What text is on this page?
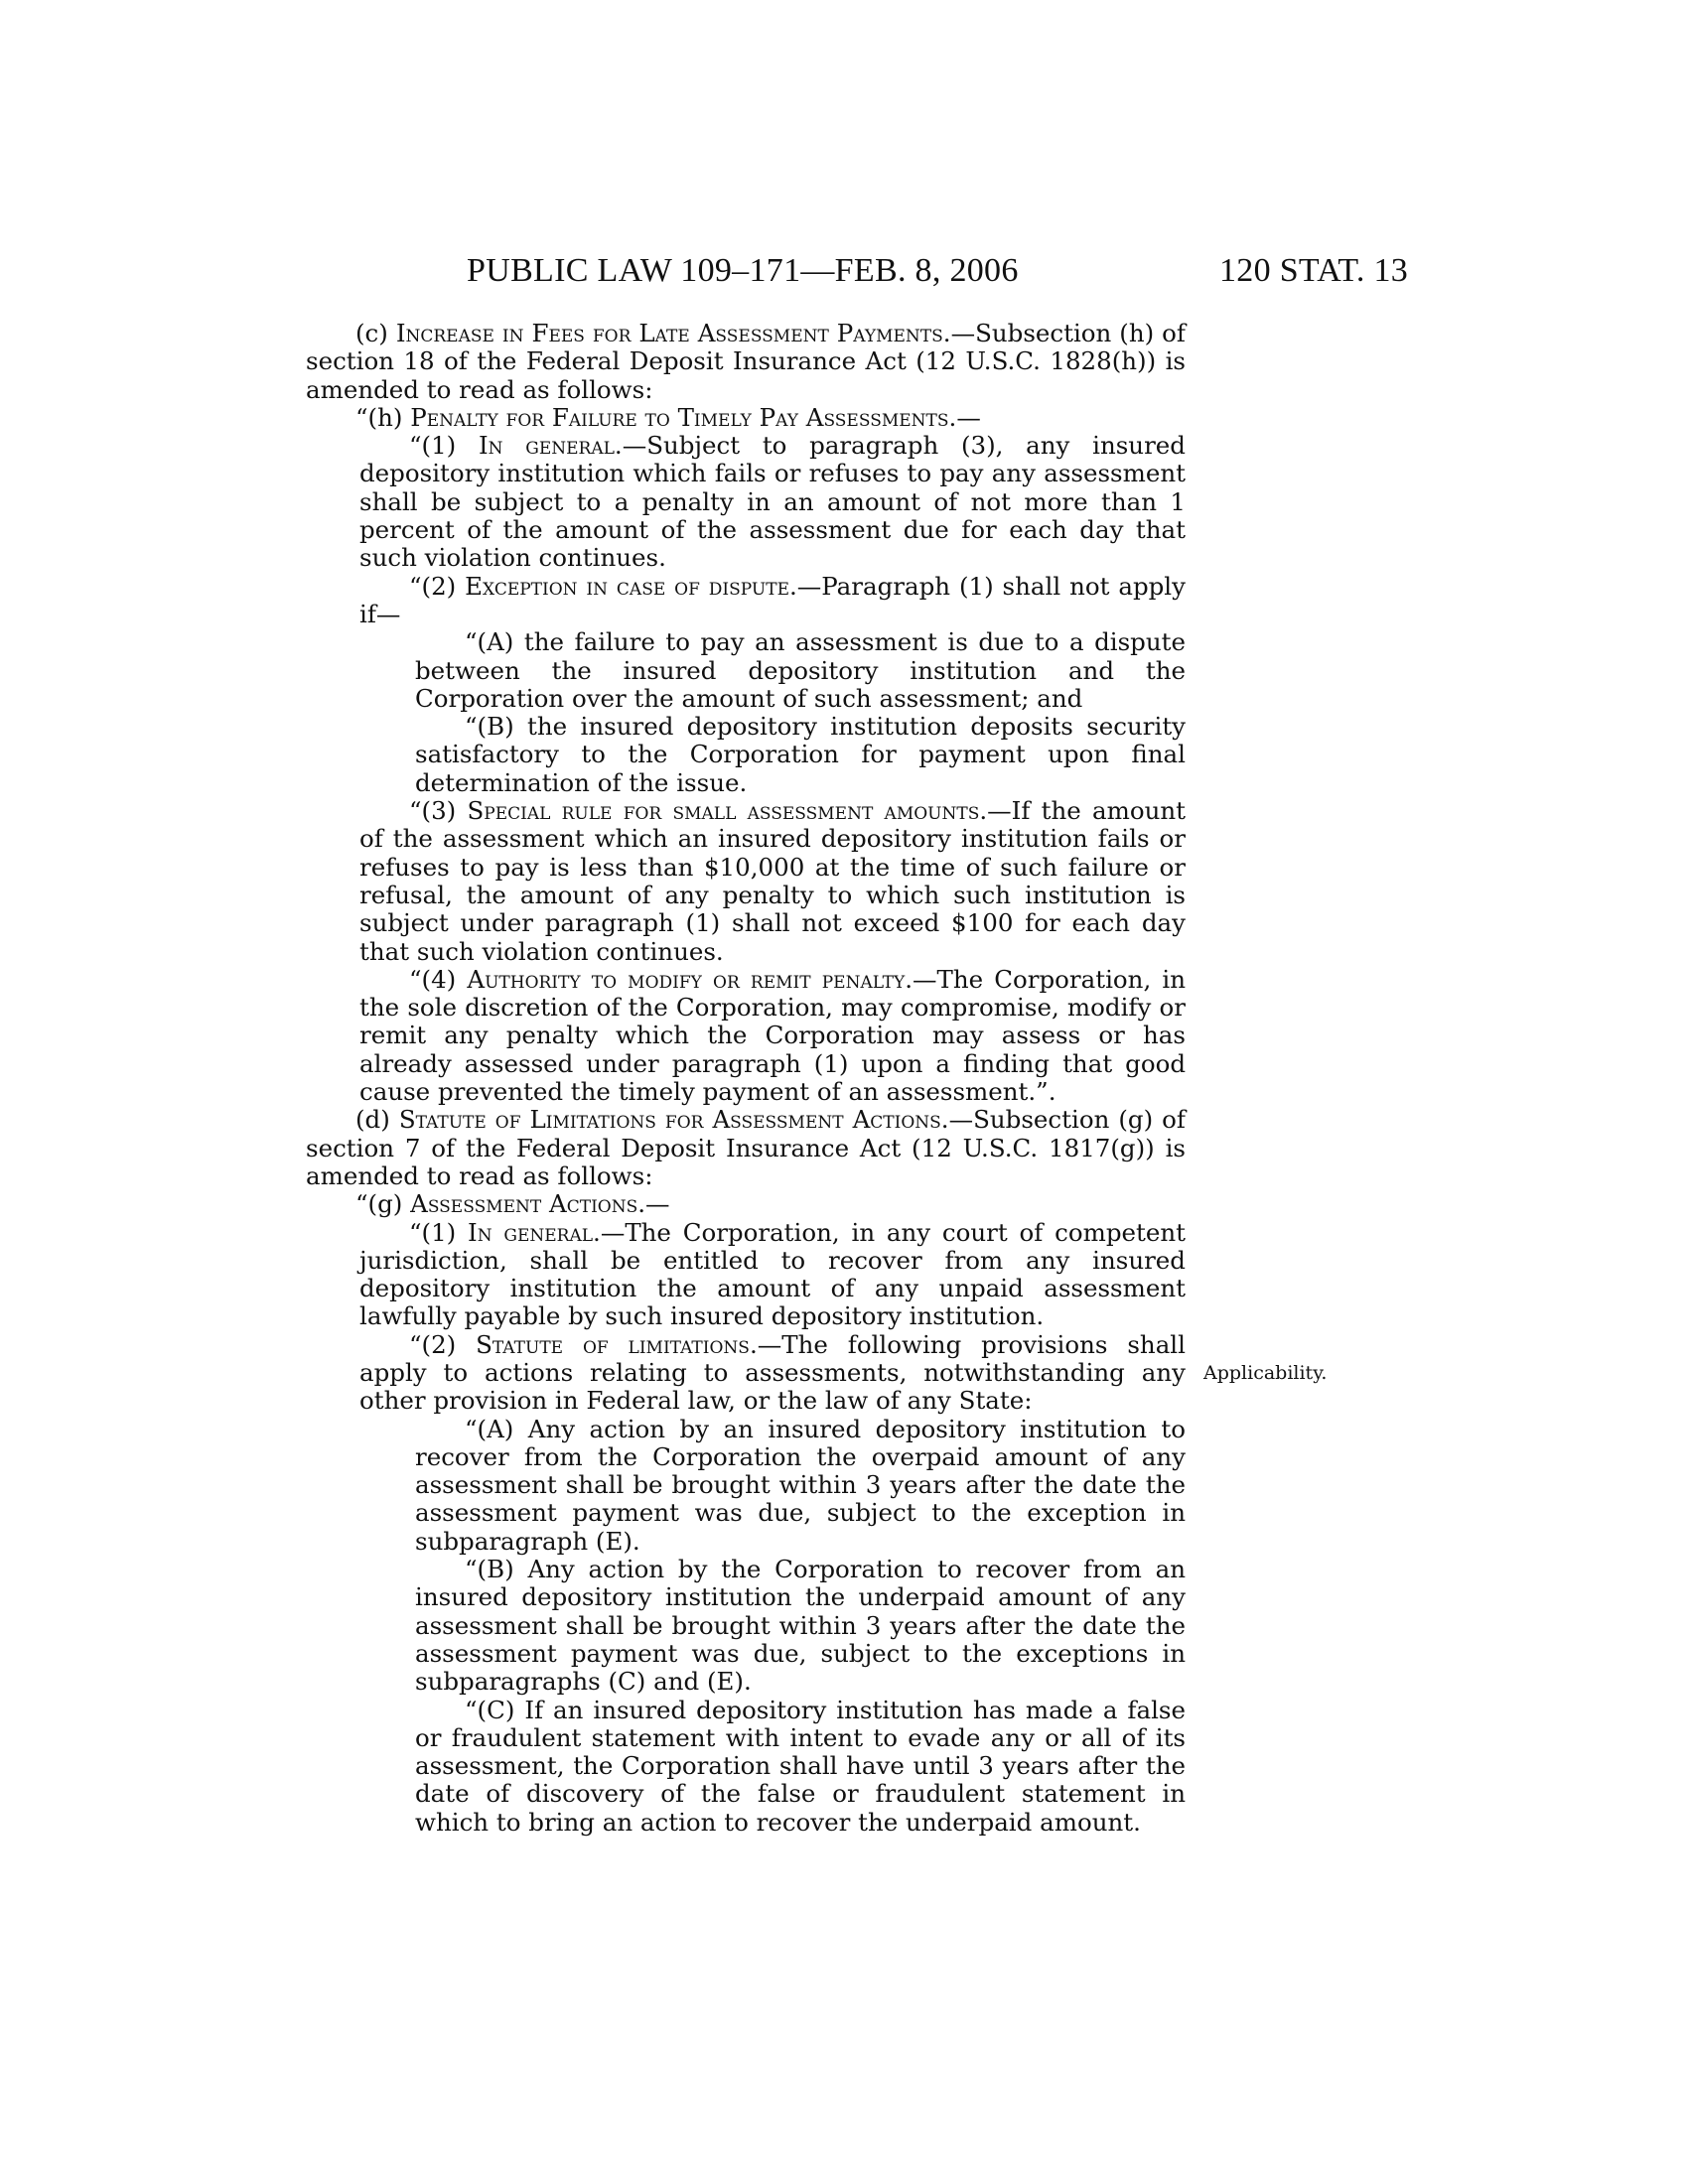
PUBLIC LAW 109–171—FEB. 8, 2006	120 STAT. 13
Applicability.

(c) Increase in Fees for Late Assessment Payments.—Subsection (h) of section 18 of the Federal Deposit Insurance Act (12 U.S.C. 1828(h)) is amended to read as follows:

“(h) Penalty for Failure to Timely Pay Assessments.—

“(1) In general.—Subject to paragraph (3), any insured depository institution which fails or refuses to pay any assessment shall be subject to a penalty in an amount of not more than 1 percent of the amount of the assessment due for each day that such violation continues.

“(2) Exception in case of dispute.—Paragraph (1) shall not apply if—

“(A) the failure to pay an assessment is due to a dispute between the insured depository institution and the Corporation over the amount of such assessment; and

“(B) the insured depository institution deposits security satisfactory to the Corporation for payment upon final determination of the issue.

“(3) Special rule for small assessment amounts.—If the amount of the assessment which an insured depository institution fails or refuses to pay is less than $10,000 at the time of such failure or refusal, the amount of any penalty to which such institution is subject under paragraph (1) shall not exceed $100 for each day that such violation continues.

“(4) Authority to modify or remit penalty.—The Corporation, in the sole discretion of the Corporation, may compromise, modify or remit any penalty which the Corporation may assess or has already assessed under paragraph (1) upon a finding that good cause prevented the timely payment of an assessment.”.

(d) Statute of Limitations for Assessment Actions.—Subsection (g) of section 7 of the Federal Deposit Insurance Act (12 U.S.C. 1817(g)) is amended to read as follows:

“(g) Assessment Actions.—

“(1) In general.—The Corporation, in any court of competent jurisdiction, shall be entitled to recover from any insured depository institution the amount of any unpaid assessment lawfully payable by such insured depository institution.

“(2) Statute of limitations.—The following provisions shall apply to actions relating to assessments, notwithstanding any other provision in Federal law, or the law of any State:

“(A) Any action by an insured depository institution to recover from the Corporation the overpaid amount of any assessment shall be brought within 3 years after the date the assessment payment was due, subject to the exception in subparagraph (E).

“(B) Any action by the Corporation to recover from an insured depository institution the underpaid amount of any assessment shall be brought within 3 years after the date the assessment payment was due, subject to the exceptions in subparagraphs (C) and (E).

“(C) If an insured depository institution has made a false or fraudulent statement with intent to evade any or all of its assessment, the Corporation shall have until 3 years after the date of discovery of the false or fraudulent statement in which to bring an action to recover the underpaid amount.
